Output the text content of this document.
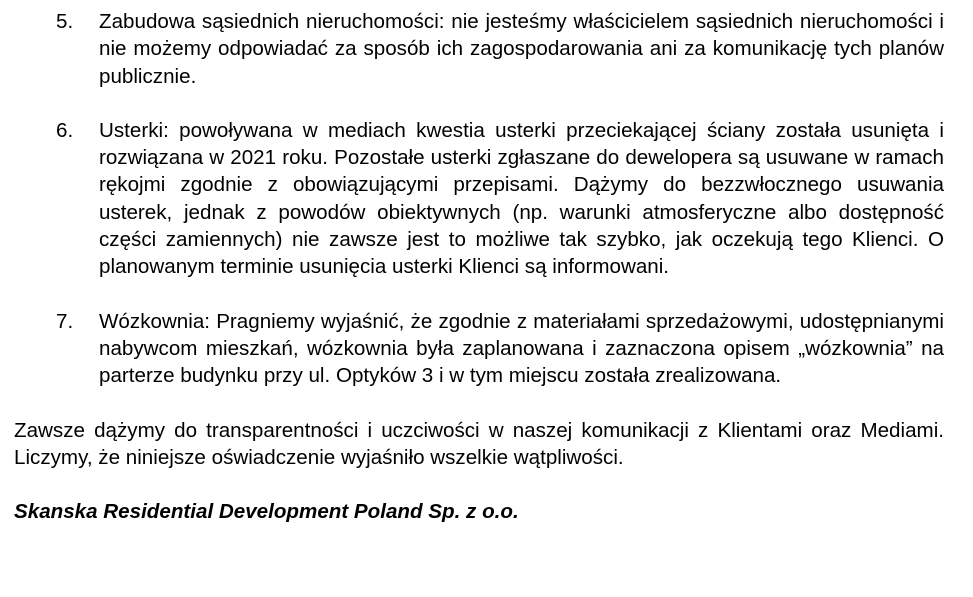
5.	Zabudowa sąsiednich nieruchomości: nie jesteśmy właścicielem sąsiednich nieruchomości i nie możemy odpowiadać za sposób ich zagospodarowania ani za komunikację tych planów publicznie.
6.	Usterki: powoływana w mediach kwestia usterki przeciekającej ściany została usunięta i rozwiązana w 2021 roku. Pozostałe usterki zgłaszane do dewelopera są usuwane w ramach rękojmi zgodnie z obowiązującymi przepisami. Dążymy do bezzwłocznego usuwania usterek, jednak z powodów obiektywnych (np. warunki atmosferyczne albo dostępność części zamiennych) nie zawsze jest to możliwe tak szybko, jak oczekują tego Klienci. O planowanym terminie usunięcia usterki Klienci są informowani.
7.	Wózkownia: Pragniemy wyjaśnić, że zgodnie z materiałami sprzedażowymi, udostępnianymi nabywcom mieszkań, wózkownia była zaplanowana i zaznaczona opisem „wózkownia” na parterze budynku przy ul. Optyków 3 i w tym miejscu została zrealizowana.

Zawsze dążymy do transparentności i uczciwości w naszej komunikacji z Klientami oraz Mediami. Liczymy, że niniejsze oświadczenie wyjaśniło wszelkie wątpliwości.

Skanska Residential Development Poland Sp. z o.o.
